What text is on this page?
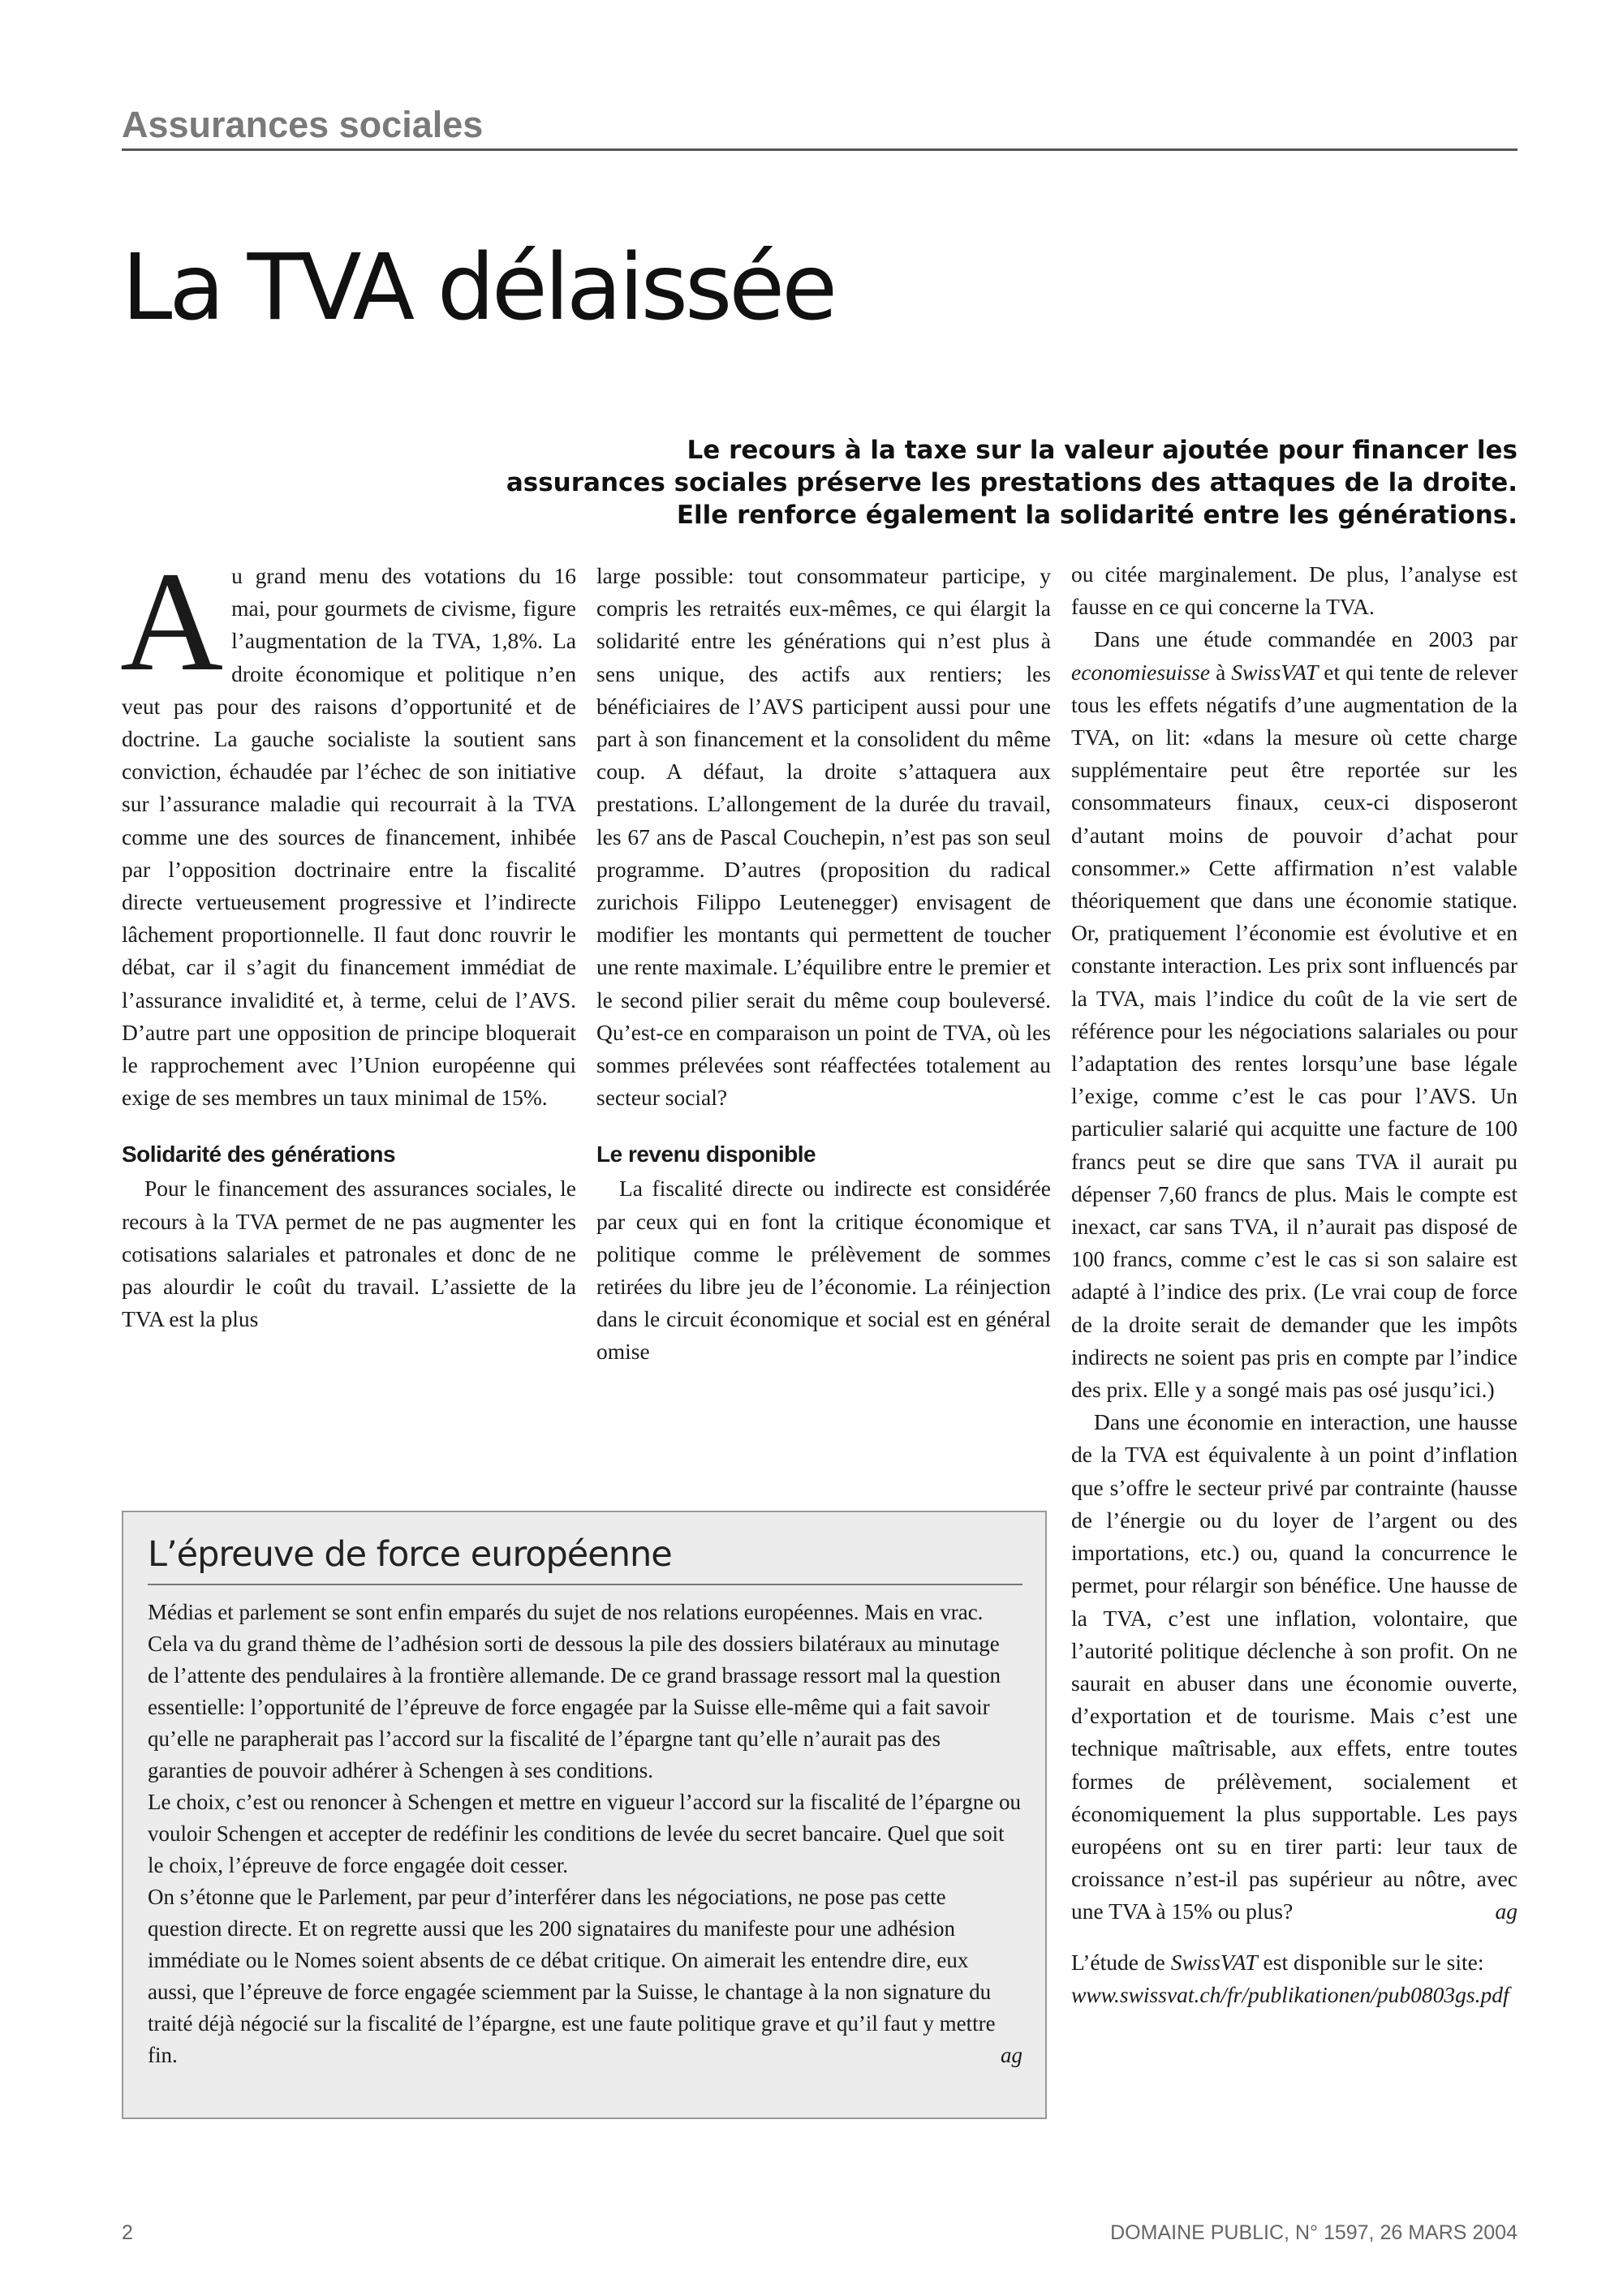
Assurances sociales
La TVA délaissée
Le recours à la taxe sur la valeur ajoutée pour financer les
assurances sociales préserve les prestations des attaques de la droite.
Elle renforce également la solidarité entre les générations.

Au grand menu des votations du 16 mai, pour gourmets de civisme, figure l’augmentation de la TVA, 1,8%. La droite économique et politique n’en veut pas pour des raisons d’opportunité et de doctrine. La gauche socialiste la soutient sans conviction, échaudée par l’échec de son initiative sur l’assurance maladie qui recourrait à la TVA comme une des sources de financement, inhibée par l’opposition doctrinaire entre la fiscalité directe vertueusement progressive et l’indirecte lâchement proportionnelle. Il faut donc rouvrir le débat, car il s’agit du financement immédiat de l’assurance invalidité et, à terme, celui de l’AVS. D’autre part une opposition de principe bloquerait le rapprochement avec l’Union européenne qui exige de ses membres un taux minimal de 15%.

Solidarité des générations

Pour le financement des assurances sociales, le recours à la TVA permet de ne pas augmenter les cotisations salariales et patronales et donc de ne pas alourdir le coût du travail. L’assiette de la TVA est la plus

large possible: tout consommateur participe, y compris les retraités eux-mêmes, ce qui élargit la solidarité entre les générations qui n’est plus à sens unique, des actifs aux rentiers; les bénéficiaires de l’AVS participent aussi pour une part à son financement et la consolident du même coup. A défaut, la droite s’attaquera aux prestations. L’allongement de la durée du travail, les 67 ans de Pascal Couchepin, n’est pas son seul programme. D’autres (proposition du radical zurichois Filippo Leutenegger) envisagent de modifier les montants qui permettent de toucher une rente maximale. L’équilibre entre le premier et le second pilier serait du même coup bouleversé. Qu’est-ce en comparaison un point de TVA, où les sommes prélevées sont réaffectées totalement au secteur social?

Le revenu disponible

La fiscalité directe ou indirecte est considérée par ceux qui en font la critique économique et politique comme le prélèvement de sommes retirées du libre jeu de l’économie. La réinjection dans le circuit économique et social est en général omise

ou citée marginalement. De plus, l’analyse est fausse en ce qui concerne la TVA.

Dans une étude commandée en 2003 par economiesuisse à SwissVAT et qui tente de relever tous les effets négatifs d’une augmentation de la TVA, on lit: «dans la mesure où cette charge supplémentaire peut être reportée sur les consommateurs finaux, ceux-ci disposeront d’autant moins de pouvoir d’achat pour consommer.» Cette affirmation n’est valable théoriquement que dans une économie statique. Or, pratiquement l’économie est évolutive et en constante interaction. Les prix sont influencés par la TVA, mais l’indice du coût de la vie sert de référence pour les négociations salariales ou pour l’adaptation des rentes lorsqu’une base légale l’exige, comme c’est le cas pour l’AVS. Un particulier salarié qui acquitte une facture de 100 francs peut se dire que sans TVA il aurait pu dépenser 7,60 francs de plus. Mais le compte est inexact, car sans TVA, il n’aurait pas disposé de 100 francs, comme c’est le cas si son salaire est adapté à l’indice des prix. (Le vrai coup de force de la droite serait de demander que les impôts indirects ne soient pas pris en compte par l’indice des prix. Elle y a songé mais pas osé jusqu’ici.)

Dans une économie en interaction, une hausse de la TVA est équivalente à un point d’inflation que s’offre le secteur privé par contrainte (hausse de l’énergie ou du loyer de l’argent ou des importations, etc.) ou, quand la concurrence le permet, pour rélargir son bénéfice. Une hausse de la TVA, c’est une inflation, volontaire, que l’autorité politique déclenche à son profit. On ne saurait en abuser dans une économie ouverte, d’exportation et de tourisme. Mais c’est une technique maîtrisable, aux effets, entre toutes formes de prélèvement, socialement et économiquement la plus supportable. Les pays européens ont su en tirer parti: leur taux de croissance n’est-il pas supérieur au nôtre, avec une TVA à 15% ou plus?	ag

L’étude de SwissVAT est disponible sur le site:

www.swissvat.ch/fr/publikationen/pub0803gs.pdf

L’épreuve de force européenne

Médias et parlement se sont enfin emparés du sujet de nos relations européennes. Mais en vrac. Cela va du grand thème de l’adhésion sorti de dessous la pile des dossiers bilatéraux au minutage de l’attente des pendulaires à la frontière allemande. De ce grand brassage ressort mal la question essentielle: l’opportunité de l’épreuve de force engagée par la Suisse elle-même qui a fait savoir qu’elle ne parapherait pas l’accord sur la fiscalité de l’épargne tant qu’elle n’aurait pas des garanties de pouvoir adhérer à Schengen à ses conditions.

Le choix, c’est ou renoncer à Schengen et mettre en vigueur l’accord sur la fiscalité de l’épargne ou vouloir Schengen et accepter de redéfinir les conditions de levée du secret bancaire. Quel que soit le choix, l’épreuve de force engagée doit cesser.

On s’étonne que le Parlement, par peur d’interférer dans les négociations, ne pose pas cette question directe. Et on regrette aussi que les 200 signataires du manifeste pour une adhésion immédiate ou le Nomes soient absents de ce débat critique. On aimerait les entendre dire, eux aussi, que l’épreuve de force engagée sciemment par la Suisse, le chantage à la non signature du traité déjà négocié sur la fiscalité de l’épargne, est une faute politique grave et qu’il faut y mettre fin.	ag

2	DOMAINE PUBLIC, N° 1597, 26 MARS 2004
